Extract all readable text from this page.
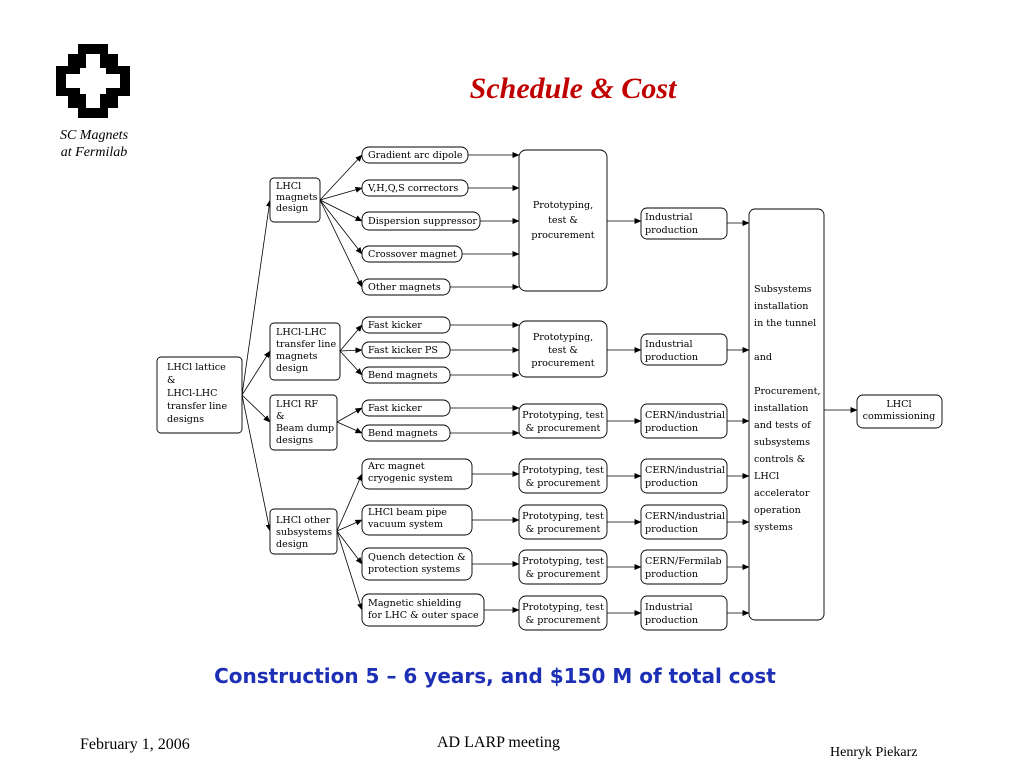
SC Magnets
at Fermilab
Schedule & Cost
LHCl lattice
&
LHCl-LHC
transfer line
designs
LHCl
magnets
design
LHCl-LHC
transfer line
magnets
design
LHCl RF
&
Beam dump
designs
LHCl other
subsystems
design
Gradient arc dipole
V,H,Q,S correctors
Dispersion suppressor
Crossover magnet
Other magnets
Fast kicker
Fast kicker PS
Bend magnets
Fast kicker
Bend magnets
Arc magnet
cryogenic system
LHCl beam pipe
vacuum system
Quench detection &
protection systems
Magnetic shielding
for LHC & outer space
Prototyping,
test &
procurement
Prototyping,
test &
procurement
Prototyping, test
& procurement
Prototyping, test
& procurement
Prototyping, test
& procurement
Prototyping, test
& procurement
Prototyping, test
& procurement
Industrial
production
Industrial
production
CERN/industrial
production
CERN/industrial
production
CERN/industrial
production
CERN/Fermilab
production
Industrial
production
Subsystems
installation
in the tunnel
and
Procurement,
installation
and tests of
subsystems
controls &
LHCl
accelerator
operation
systems
LHCl
commissioning
Construction 5 – 6 years, and $150 M of total cost
February 1, 2006	AD LARP meeting
Henryk Piekarz
